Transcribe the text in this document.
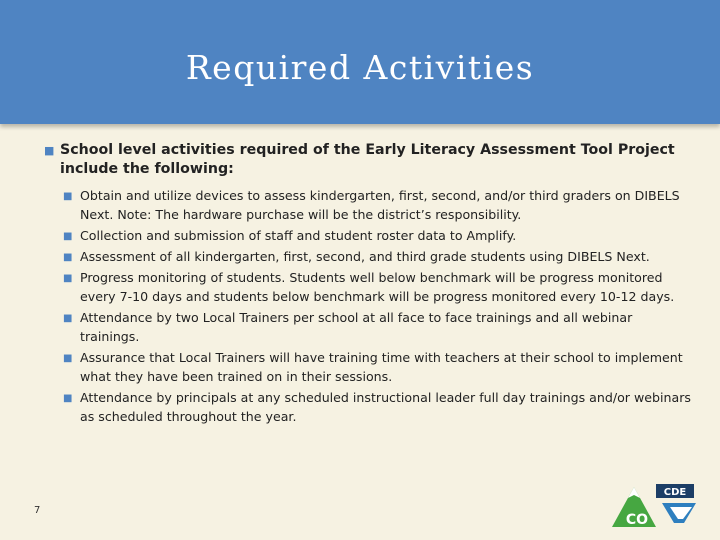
Required Activities
■ School level activities required of the Early Literacy Assessment Tool Project include the following:
■ Obtain and utilize devices to assess kindergarten, first, second, and/or third graders on DIBELS Next. Note: The hardware purchase will be the district’s responsibility.
■ Collection and submission of staff and student roster data to Amplify.
■ Assessment of all kindergarten, first, second, and third grade students using DIBELS Next.
■ Progress monitoring of students. Students well below benchmark will be progress monitored every 7-10 days and students below benchmark will be progress monitored every 10-12 days.
■ Attendance by two Local Trainers per school at all face to face trainings and all webinar trainings.
■ Assurance that Local Trainers will have training time with teachers at their school to implement what they have been trained on in their sessions.
■ Attendance by principals at any scheduled instructional leader full day trainings and/or webinars as scheduled throughout the year.
7
CDE
CO
